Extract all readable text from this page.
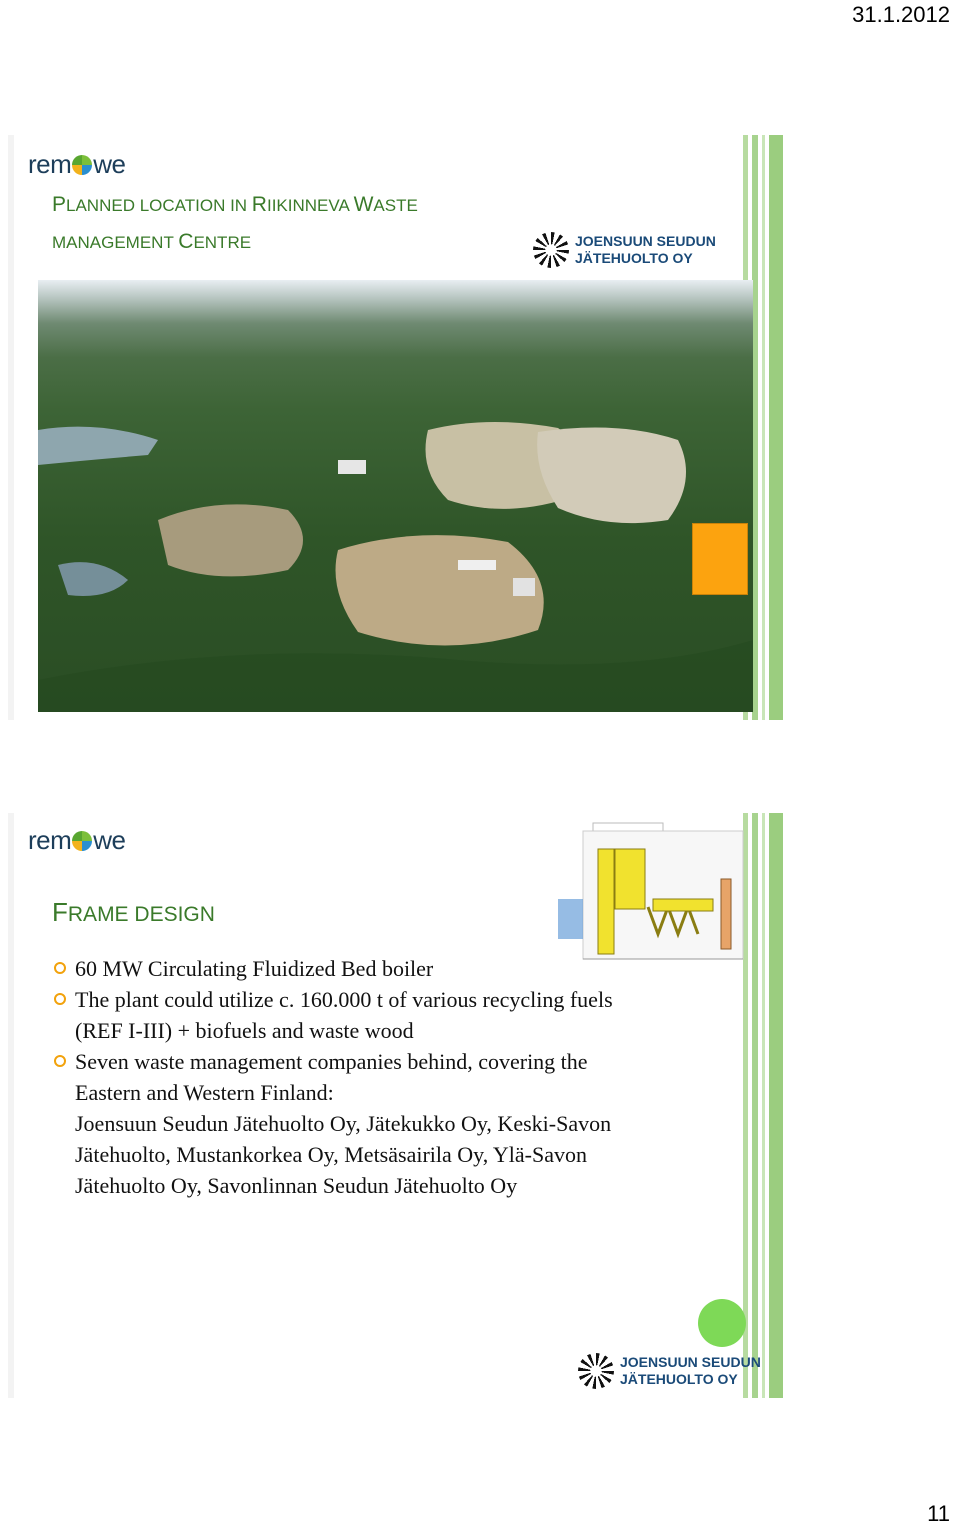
31.1.2012
rem we
PLANNED LOCATION IN RIIKINNEVA WASTE
MANAGEMENT CENTRE	JOENSUUN SEUDUN
JÄTEHUOLTO OY
rem we
FRAME DESIGN
60 MW Circulating Fluidized Bed boiler
The plant could utilize c. 160.000 t of various recycling fuels (REF I-III) + biofuels and waste wood
Seven waste management companies behind, covering the Eastern and Western Finland:
Joensuun Seudun Jätehuolto Oy, Jätekukko Oy, Keski-Savon Jätehuolto, Mustankorkea Oy, Metsäsairila Oy, Ylä-Savon Jätehuolto Oy, Savonlinnan Seudun Jätehuolto Oy
JOENSUUN SEUDUN
JÄTEHUOLTO OY
11
